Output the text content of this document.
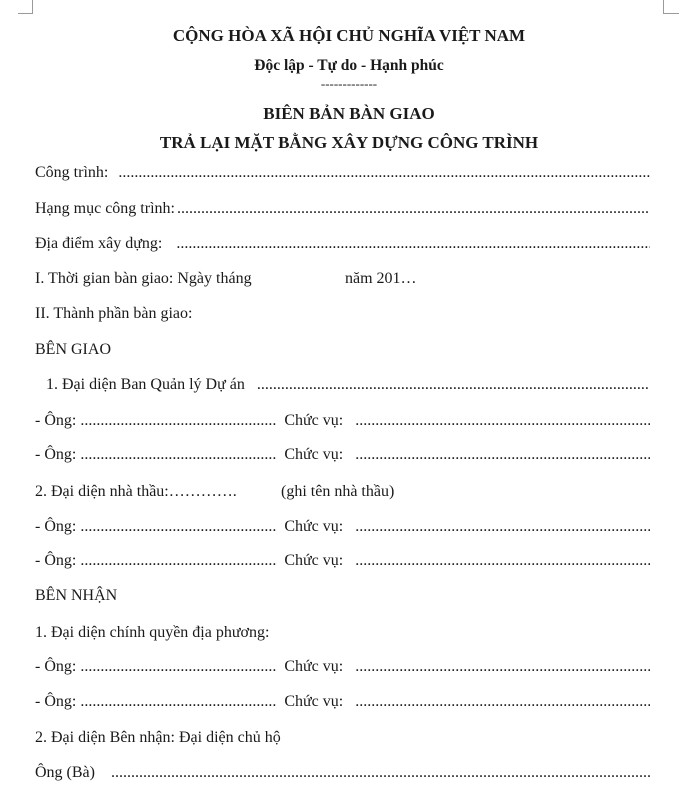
CỘNG HÒA XÃ HỘI CHỦ NGHĨA VIỆT NAM
Độc lập - Tự do - Hạnh phúc
-------------
BIÊN BẢN BÀN GIAO
TRẢ LẠI MẶT BẰNG XÂY DỰNG CÔNG TRÌNH
Công trình:
.....
Hạng mục công trình:
.....
Địa điểm xây dựng:
.....
I. Thời gian bàn giao: Ngày tháng	năm 201…
II. Thành phần bàn giao:
BÊN GIAO
1. Đại diện Ban Quản lý Dự án
.....
- Ông: .....	Chức vụ:
.....
- Ông: .....	Chức vụ:
.....
2. Đại diện nhà thầu:………….	(ghi tên nhà thầu)
- Ông: .....	Chức vụ:
.....
- Ông: .....	Chức vụ:
.....
BÊN NHẬN
1. Đại diện chính quyền địa phương:
- Ông: .....	Chức vụ:
.....
- Ông: .....	Chức vụ:
.....
2. Đại diện Bên nhận: Đại diện chủ hộ
Ông (Bà)
.....
